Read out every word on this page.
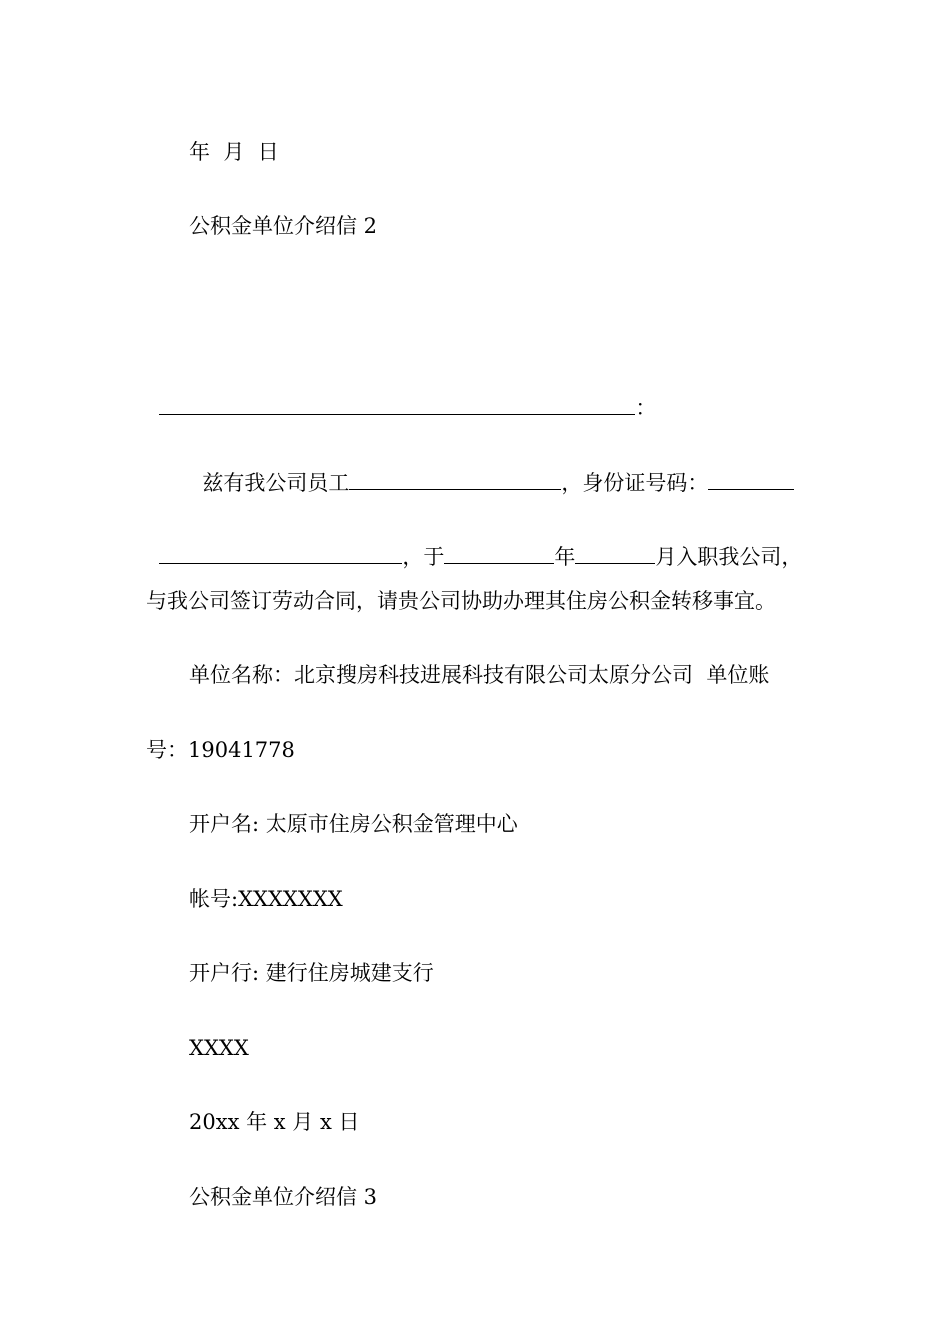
年  月  日
公积金单位介绍信 2

：

兹有我公司员工	，身份证号码：

，于	年	月入职我公司，

与我公司签订劳动合同，请贵公司协助办理其住房公积金转移事宜。
单位名称：北京搜房科技进展科技有限公司太原分公司  单位账
号：19041778
开户名: 太原市住房公积金管理中心
帐号:XXXXXXX
开户行: 建行住房城建支行
XXXX
20xx 年 x 月 x 日
公积金单位介绍信 3
